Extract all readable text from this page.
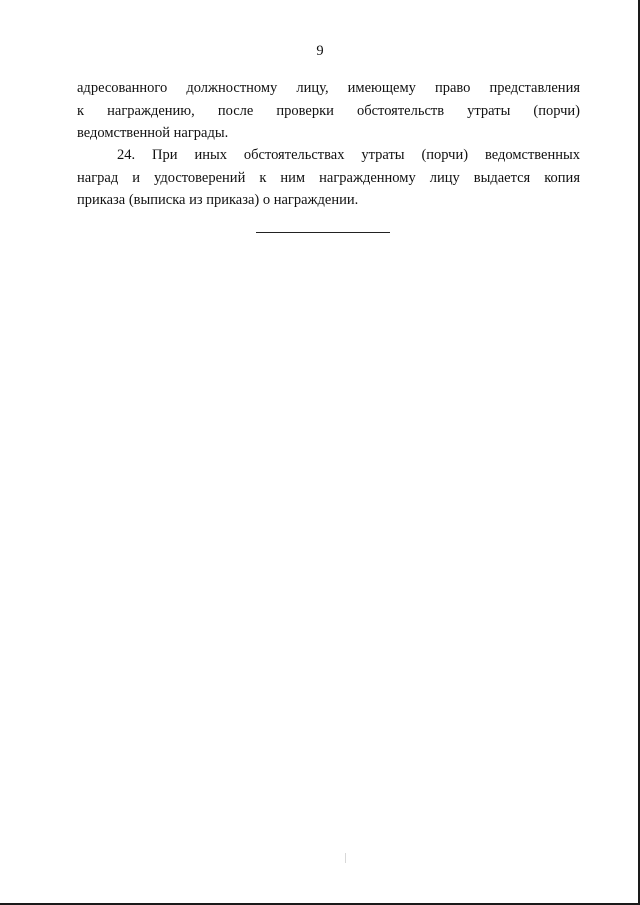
9
адресованного должностному лицу, имеющему право представления
к награждению, после проверки обстоятельств утраты (порчи)
ведомственной награды.
24. При иных обстоятельствах утраты (порчи) ведомственных
наград и удостоверений к ним награжденному лицу выдается копия
приказа (выписка из приказа) о награждении.
